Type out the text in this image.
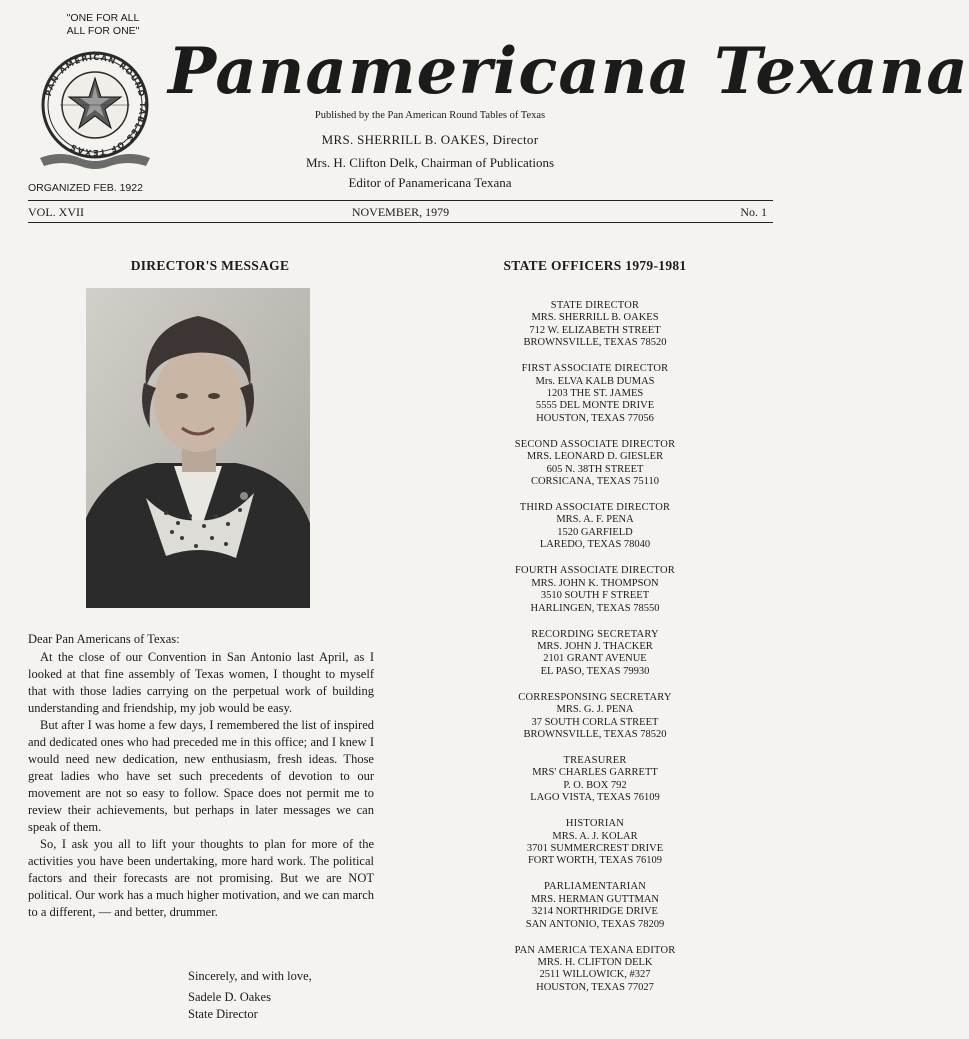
"ONE FOR ALL
ALL FOR ONE"
PAN AMERICAN ROUND TABLES OF TEXAS
Panamericana Texana
Published by the Pan American Round Tables of Texas
MRS. SHERRILL B. OAKES, Director
Mrs. H. Clifton Delk, Chairman of Publications
Editor of Panamericana Texana
ORGANIZED FEB. 1922
VOL. XVII	NOVEMBER, 1979	No. 1
DIRECTOR'S MESSAGE	STATE OFFICERS 1979-1981

Dear Pan Americans of Texas:

At the close of our Convention in San Antonio last April, as I looked at that fine assembly of Texas women, I thought to myself that with those ladies carrying on the perpetual work of building understanding and friendship, my job would be easy.

But after I was home a few days, I remembered the list of inspired and dedicated ones who had preceded me in this office; and I knew I would need new dedication, new enthusiasm, fresh ideas. Those great ladies who have set such precedents of devotion to our movement are not so easy to follow. Space does not permit me to review their achievements, but perhaps in later messages we can speak of them.

So, I ask you all to lift your thoughts to plan for more of the activities you have been undertaking, more hard work. The political factors and their forecasts are not promising. But we are NOT political. Our work has a much higher motivation, and we can march to a different, — and better, drummer.

Sincerely, and with love,
Sadele D. Oakes
State Director
STATE DIRECTOR
MRS. SHERRILL B. OAKES
712 W. ELIZABETH STREET
BROWNSVILLE, TEXAS 78520
FIRST ASSOCIATE DIRECTOR
Mrs. ELVA KALB DUMAS
1203 THE ST. JAMES
5555 DEL MONTE DRIVE
HOUSTON, TEXAS 77056
SECOND ASSOCIATE DIRECTOR
MRS. LEONARD D. GIESLER
605 N. 38TH STREET
CORSICANA, TEXAS 75110
THIRD ASSOCIATE DIRECTOR
MRS. A. F. PENA
1520 GARFIELD
LAREDO, TEXAS 78040
FOURTH ASSOCIATE DIRECTOR
MRS. JOHN K. THOMPSON
3510 SOUTH F STREET
HARLINGEN, TEXAS 78550
RECORDING SECRETARY
MRS. JOHN J. THACKER
2101 GRANT AVENUE
EL PASO, TEXAS 79930
CORRESPONSING SECRETARY
MRS. G. J. PENA
37 SOUTH CORLA STREET
BROWNSVILLE, TEXAS 78520
TREASURER
MRS' CHARLES GARRETT
P. O. BOX 792
LAGO VISTA, TEXAS 76109
HISTORIAN
MRS. A. J. KOLAR
3701 SUMMERCREST DRIVE
FORT WORTH, TEXAS 76109
PARLIAMENTARIAN
MRS. HERMAN GUTTMAN
3214 NORTHRIDGE DRIVE
SAN ANTONIO, TEXAS 78209
PAN AMERICA TEXANA EDITOR
MRS. H. CLIFTON DELK
2511 WILLOWICK, #327
HOUSTON, TEXAS 77027
